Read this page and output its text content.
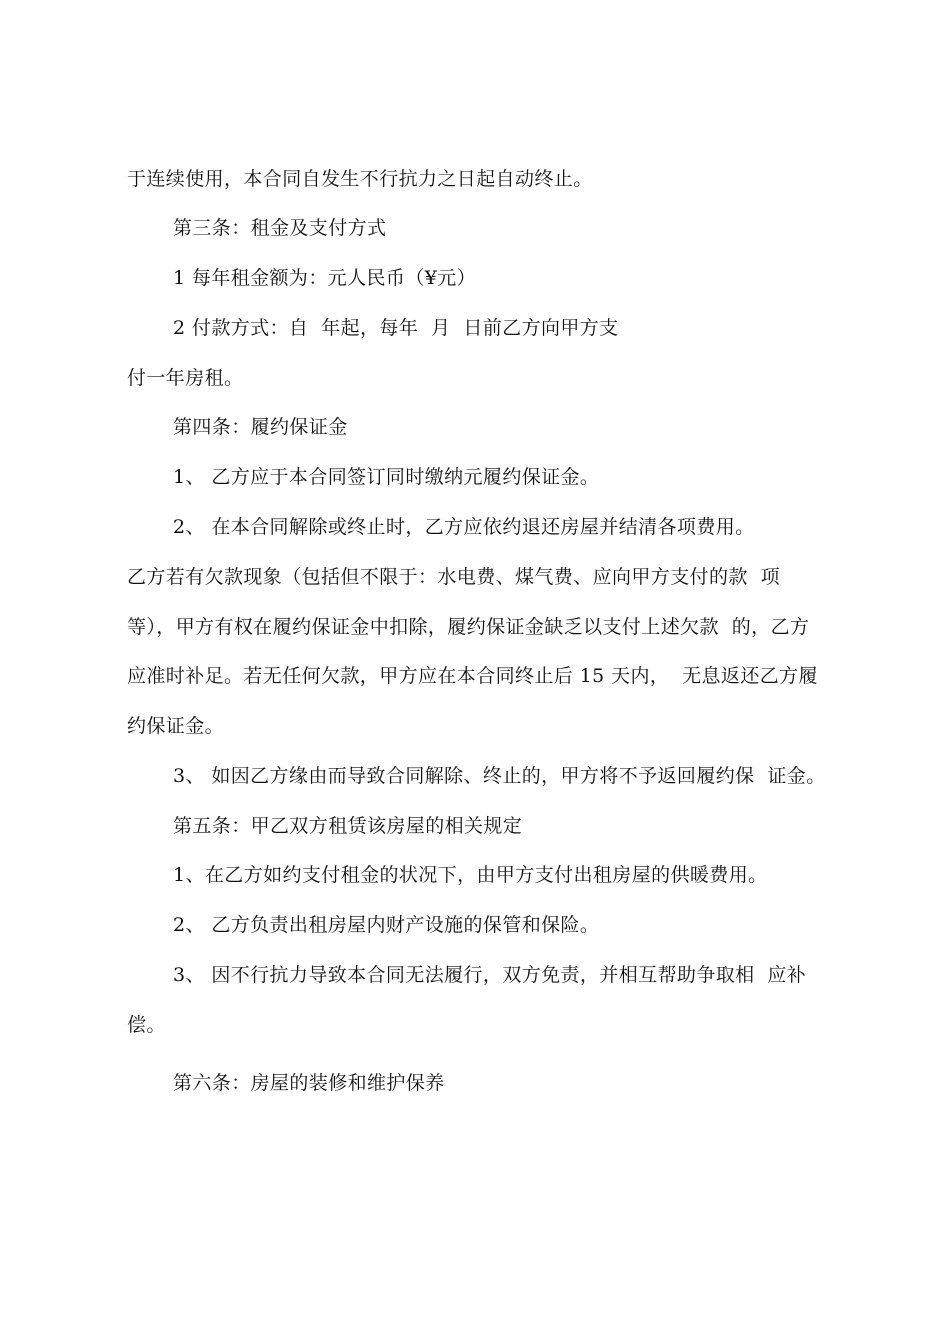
于连续使用，本合同自发生不行抗力之日起自动终止。
第三条：租金及支付方式
1 每年租金额为：元人民币（¥元）
2 付款方式：自  年起，每年  月  日前乙方向甲方支
付一年房租。
第四条：履约保证金
1、 乙方应于本合同签订同时缴纳元履约保证金。
2、 在本合同解除或终止时，乙方应依约退还房屋并结清各项费用。
乙方若有欠款现象（包括但不限于：水电费、煤气费、应向甲方支付的款  项
等），甲方有权在履约保证金中扣除，履约保证金缺乏以支付上述欠款  的，乙方
应准时补足。若无任何欠款，甲方应在本合同终止后 15 天内，  无息返还乙方履
约保证金。
3、 如因乙方缘由而导致合同解除、终止的，甲方将不予返回履约保  证金。
第五条：甲乙双方租赁该房屋的相关规定
1、在乙方如约支付租金的状况下，由甲方支付出租房屋的供暖费用。
2、 乙方负责出租房屋内财产设施的保管和保险。
3、 因不行抗力导致本合同无法履行，双方免责，并相互帮助争取相  应补
偿。
第六条：房屋的装修和维护保养
